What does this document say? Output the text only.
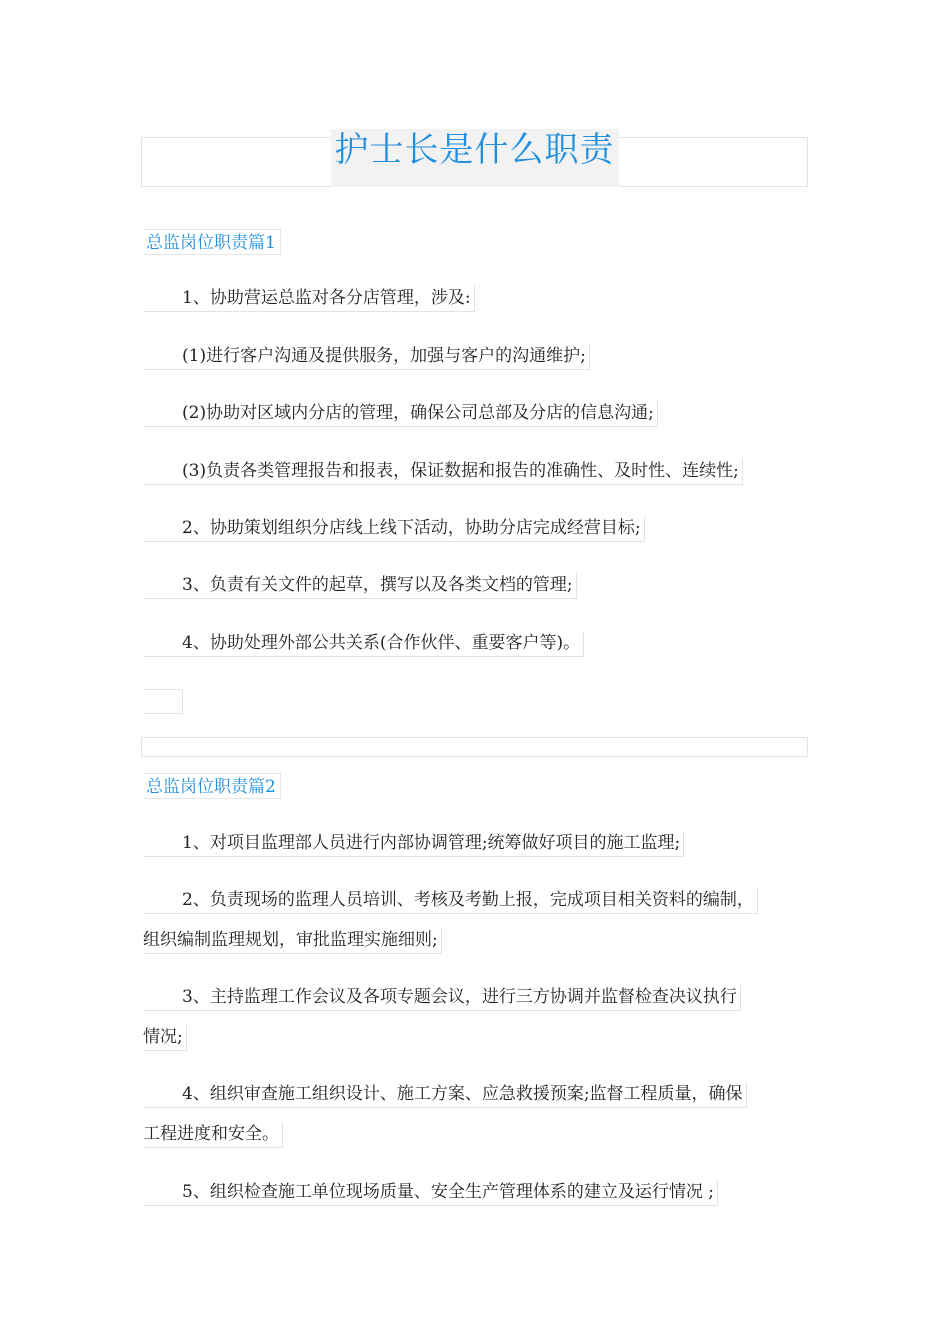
护士长是什么职责
总监岗位职责篇1
1、协助营运总监对各分店管理，涉及:
(1)进行客户沟通及提供服务，加强与客户的沟通维护;
(2)协助对区域内分店的管理，确保公司总部及分店的信息沟通;
(3)负责各类管理报告和报表，保证数据和报告的准确性、及时性、连续性;
2、协助策划组织分店线上线下活动，协助分店完成经营目标;
3、负责有关文件的起草，撰写以及各类文档的管理;
4、协助处理外部公共关系(合作伙伴、重要客户等)。
总监岗位职责篇2
1、对项目监理部人员进行内部协调管理;统筹做好项目的施工监理;
2、负责现场的监理人员培训、考核及考勤上报，完成项目相关资料的编制，
组织编制监理规划，审批监理实施细则;
3、主持监理工作会议及各项专题会议，进行三方协调并监督检查决议执行
情况;
4、组织审查施工组织设计、施工方案、应急救援预案;监督工程质量，确保
工程进度和安全。
5、组织检查施工单位现场质量、安全生产管理体系的建立及运行情况 ;
